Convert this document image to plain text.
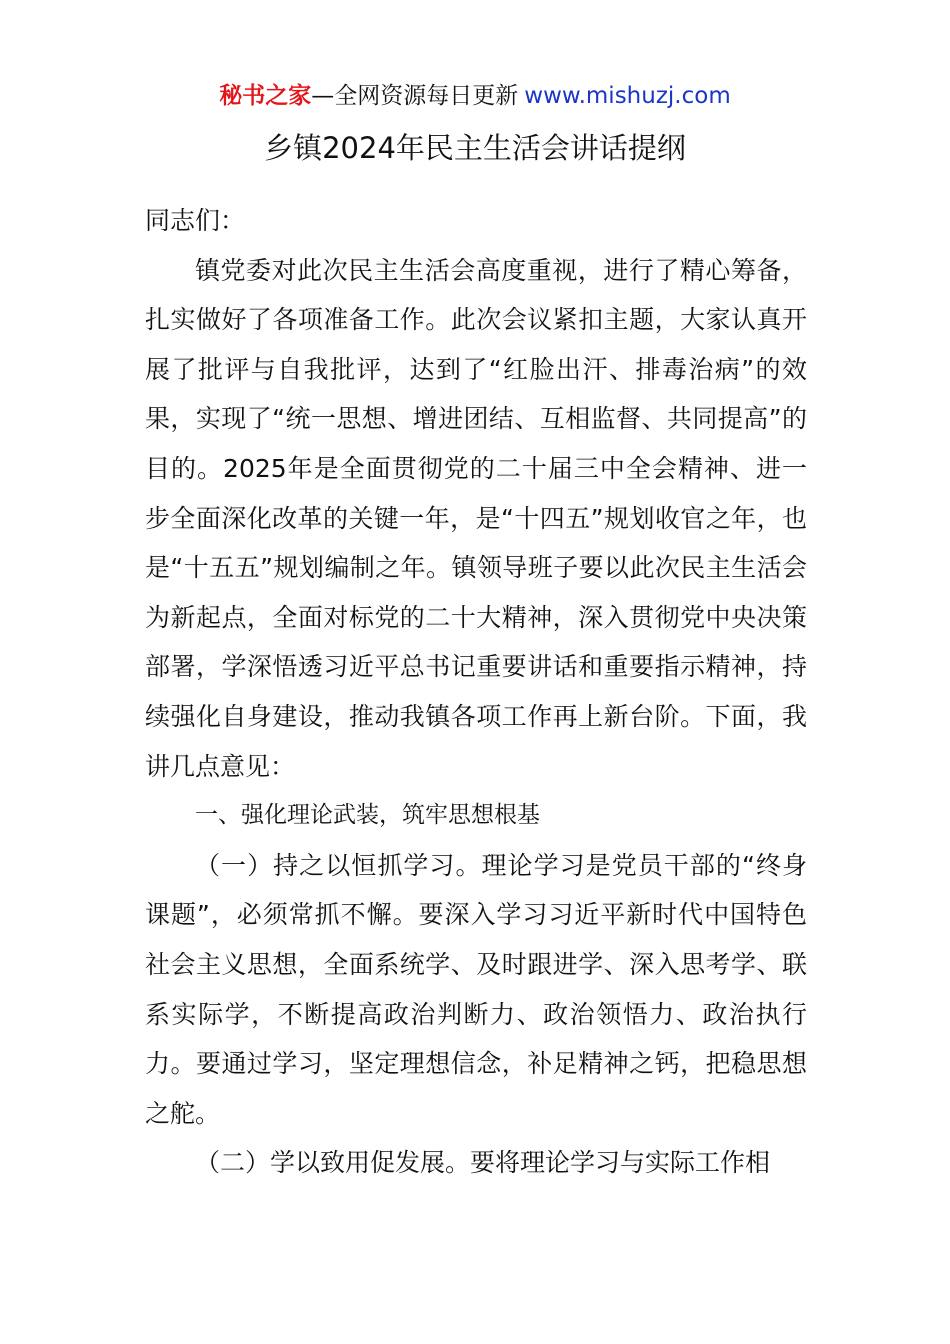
秘书之家—全网资源每日更新 www.mishuzj.com
乡镇2024年民主生活会讲话提纲

同志们：

镇党委对此次民主生活会高度重视，进行了精心筹备，扎实做好了各项准备工作。此次会议紧扣主题，大家认真开展了批评与自我批评，达到了“红脸出汗、排毒治病”的效果，实现了“统一思想、增进团结、互相监督、共同提高”的目的。2025年是全面贯彻党的二十届三中全会精神、进一步全面深化改革的关键一年，是“十四五”规划收官之年，也是“十五五”规划编制之年。镇领导班子要以此次民主生活会为新起点，全面对标党的二十大精神，深入贯彻党中央决策部署，学深悟透习近平总书记重要讲话和重要指示精神，持续强化自身建设，推动我镇各项工作再上新台阶。下面，我讲几点意见：

一、强化理论武装，筑牢思想根基

（一）持之以恒抓学习。理论学习是党员干部的“终身课题”，必须常抓不懈。要深入学习习近平新时代中国特色社会主义思想，全面系统学、及时跟进学、深入思考学、联系实际学，不断提高政治判断力、政治领悟力、政治执行力。要通过学习，坚定理想信念，补足精神之钙，把稳思想之舵。

（二）学以致用促发展。要将理论学习与实际工作相
